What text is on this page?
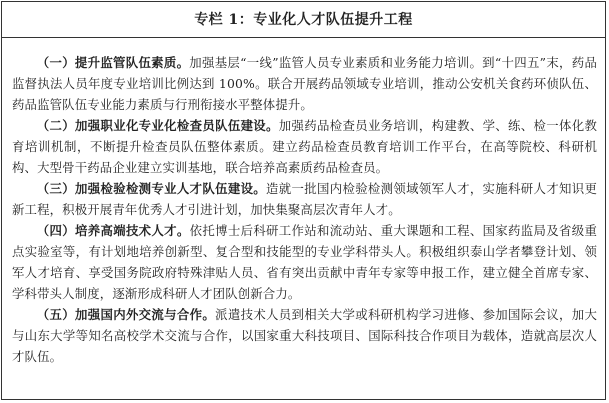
专栏 1：专业化人才队伍提升工程

（一）提升监管队伍素质。加强基层“一线”监管人员专业素质和业务能力培训。到“十四五”末，药品监督执法人员年度专业培训比例达到 100%。联合开展药品领域专业培训，推动公安机关食药环侦队伍、药品监管队伍专业能力素质与行刑衔接水平整体提升。

（二）加强职业化专业化检查员队伍建设。加强药品检查员业务培训，构建教、学、练、检一体化教育培训机制，不断提升检查员队伍整体素质。建立药品检查员教育培训工作平台，在高等院校、科研机构、大型骨干药品企业建立实训基地，联合培养高素质药品检查员。

（三）加强检验检测专业人才队伍建设。造就一批国内检验检测领域领军人才，实施科研人才知识更新工程，积极开展青年优秀人才引进计划，加快集聚高层次青年人才。

（四）培养高端技术人才。依托博士后科研工作站和流动站、重大课题和工程、国家药监局及省级重点实验室等，有计划地培养创新型、复合型和技能型的专业学科带头人。积极组织泰山学者攀登计划、领军人才培育、享受国务院政府特殊津贴人员、省有突出贡献中青年专家等申报工作，建立健全首席专家、学科带头人制度，逐渐形成科研人才团队创新合力。

（五）加强国内外交流与合作。派遣技术人员到相关大学或科研机构学习进修、参加国际会议，加大与山东大学等知名高校学术交流与合作，以国家重大科技项目、国际科技合作项目为载体，造就高层次人才队伍。
